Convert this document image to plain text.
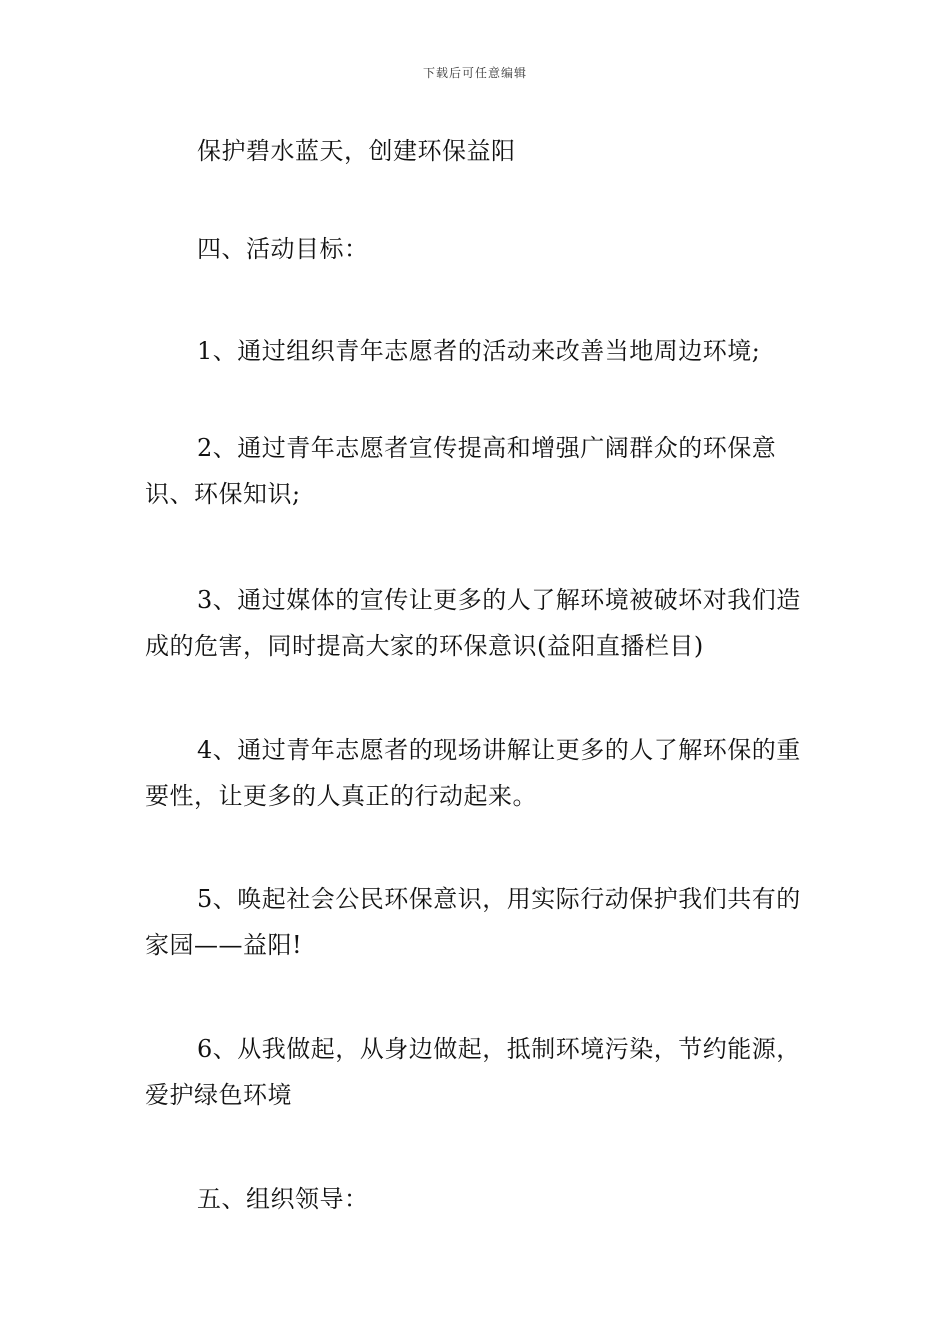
下载后可任意编辑

保护碧水蓝天，创建环保益阳

四、活动目标：

1、通过组织青年志愿者的活动来改善当地周边环境;

2、通过青年志愿者宣传提高和增强广阔群众的环保意识、环保知识;

3、通过媒体的宣传让更多的人了解环境被破坏对我们造成的危害，同时提高大家的环保意识(益阳直播栏目)

4、通过青年志愿者的现场讲解让更多的人了解环保的重要性，让更多的人真正的行动起来。

5、唤起社会公民环保意识，用实际行动保护我们共有的家园——益阳!

6、从我做起，从身边做起，抵制环境污染，节约能源，爱护绿色环境

五、组织领导：
